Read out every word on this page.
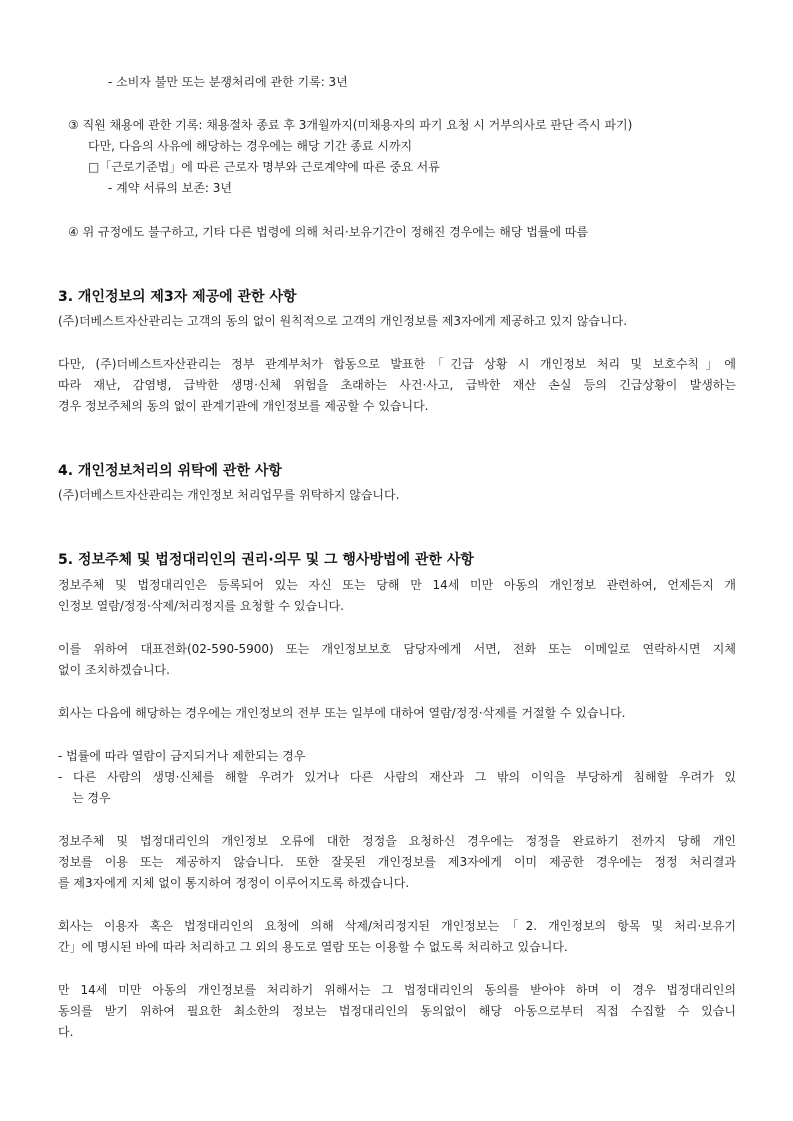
- 소비자 불만 또는 분쟁처리에 관한 기록: 3년
③ 직원 채용에 관한 기록: 채용절차 종료 후 3개월까지(미채용자의 파기 요청 시 거부의사로 판단 즉시 파기)
다만, 다음의 사유에 해당하는 경우에는 해당 기간 종료 시까지
□「근로기준법」에 따른 근로자 명부와 근로계약에 따른 중요 서류
- 계약 서류의 보존: 3년
④ 위 규정에도 불구하고, 기타 다른 법령에 의해 처리·보유기간이 정해진 경우에는 해당 법률에 따름
3. 개인정보의 제3자 제공에 관한 사항
(주)더베스트자산관리는 고객의 동의 없이 원칙적으로 고객의 개인정보를 제3자에게 제공하고 있지 않습니다.
다만, (주)더베스트자산관리는 정부 관계부처가 합동으로 발표한「긴급 상황 시 개인정보 처리 및 보호수칙」에
따라 재난, 감염병, 급박한 생명·신체 위험을 초래하는 사건·사고, 급박한 재산 손실 등의 긴급상황이 발생하는
경우 정보주체의 동의 없이 관계기관에 개인정보를 제공할 수 있습니다.
4. 개인정보처리의 위탁에 관한 사항
(주)더베스트자산관리는 개인정보 처리업무를 위탁하지 않습니다.
5. 정보주체 및 법정대리인의 권리·의무 및 그 행사방법에 관한 사항
정보주체 및 법정대리인은 등록되어 있는 자신 또는 당해 만 14세 미만 아동의 개인정보 관련하여, 언제든지 개
인정보 열람/정정·삭제/처리정지를 요청할 수 있습니다.
이를 위하여 대표전화(02-590-5900) 또는 개인정보보호 담당자에게 서면, 전화 또는 이메일로 연락하시면 지체
없이 조치하겠습니다.
회사는 다음에 해당하는 경우에는 개인정보의 전부 또는 일부에 대하여 열람/정정·삭제를 거절할 수 있습니다.
- 법률에 따라 열람이 금지되거나 제한되는 경우
- 다른 사람의 생명·신체를 해할 우려가 있거나 다른 사람의 재산과 그 밖의 이익을 부당하게 침해할 우려가 있
는 경우
정보주체 및 법정대리인의 개인정보 오류에 대한 정정을 요청하신 경우에는 정정을 완료하기 전까지 당해 개인
정보를 이용 또는 제공하지 않습니다. 또한 잘못된 개인정보를 제3자에게 이미 제공한 경우에는 정정 처리결과
를 제3자에게 지체 없이 통지하여 정정이 이루어지도록 하겠습니다.
회사는 이용자 혹은 법정대리인의 요청에 의해 삭제/처리정지된 개인정보는「2. 개인정보의 항목 및 처리·보유기
간」에 명시된 바에 따라 처리하고 그 외의 용도로 열람 또는 이용할 수 없도록 처리하고 있습니다.
만 14세 미만 아동의 개인정보를 처리하기 위해서는 그 법정대리인의 동의를 받아야 하며 이 경우 법정대리인의
동의를 받기 위하여 필요한 최소한의 정보는 법정대리인의 동의없이 해당 아동으로부터 직접 수집할 수 있습니
다.
